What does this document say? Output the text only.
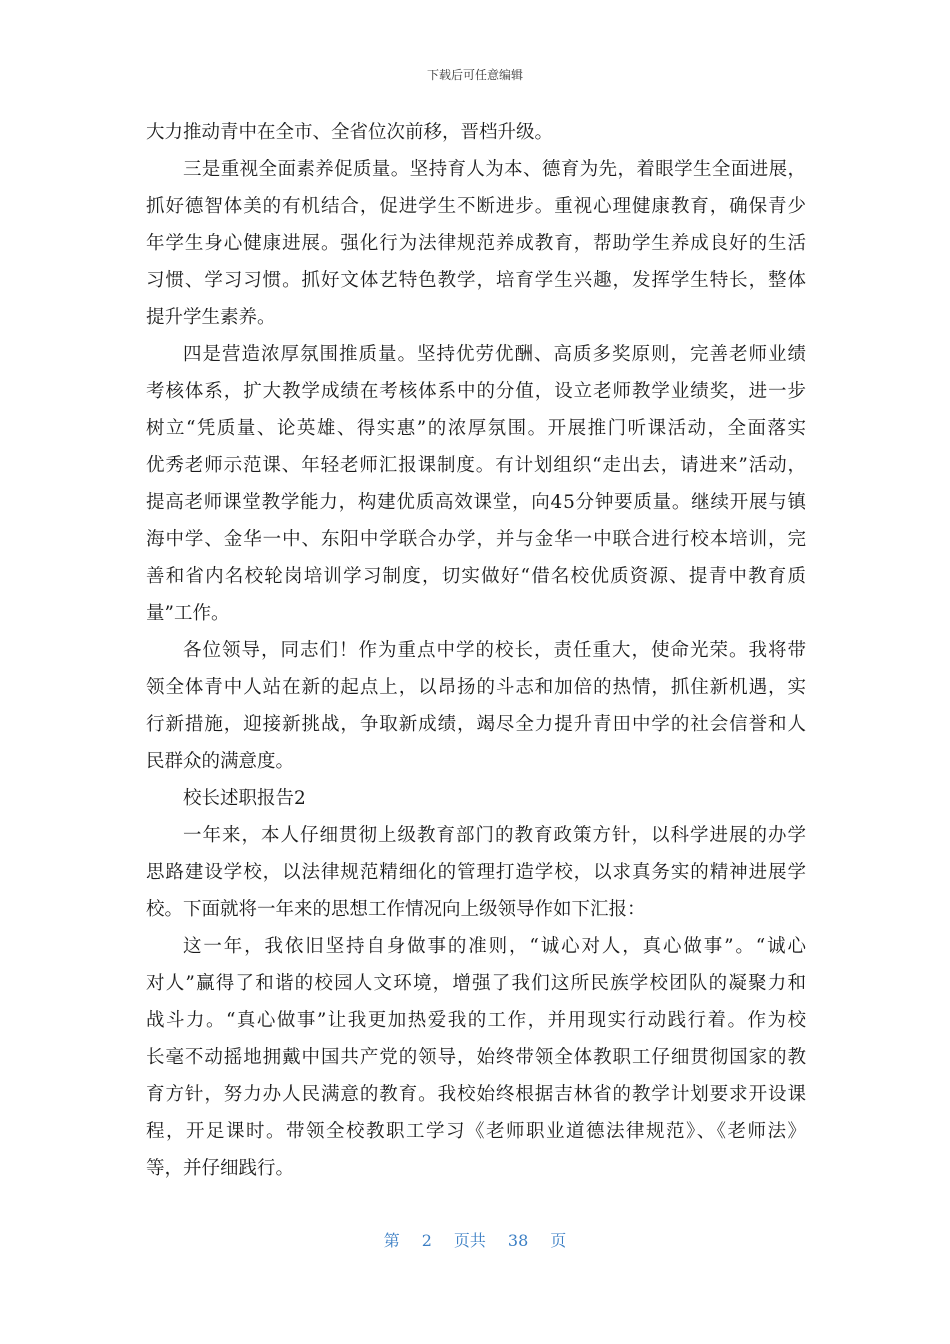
下载后可任意编辑
大力推动青中在全市、全省位次前移，晋档升级。
三是重视全面素养促质量。坚持育人为本、德育为先，着眼学生全面进展，
抓好德智体美的有机结合，促进学生不断进步。重视心理健康教育，确保青少
年学生身心健康进展。强化行为法律规范养成教育，帮助学生养成良好的生活
习惯、学习习惯。抓好文体艺特色教学，培育学生兴趣，发挥学生特长，整体
提升学生素养。
四是营造浓厚氛围推质量。坚持优劳优酬、高质多奖原则，完善老师业绩
考核体系，扩大教学成绩在考核体系中的分值，设立老师教学业绩奖，进一步
树立“凭质量、论英雄、得实惠”的浓厚氛围。开展推门听课活动，全面落实
优秀老师示范课、年轻老师汇报课制度。有计划组织“走出去，请进来”活动，
提高老师课堂教学能力，构建优质高效课堂，向45分钟要质量。继续开展与镇
海中学、金华一中、东阳中学联合办学，并与金华一中联合进行校本培训，完
善和省内名校轮岗培训学习制度，切实做好“借名校优质资源、提青中教育质
量”工作。
各位领导，同志们！作为重点中学的校长，责任重大，使命光荣。我将带
领全体青中人站在新的起点上，以昂扬的斗志和加倍的热情，抓住新机遇，实
行新措施，迎接新挑战，争取新成绩，竭尽全力提升青田中学的社会信誉和人
民群众的满意度。
校长述职报告2
一年来，本人仔细贯彻上级教育部门的教育政策方针，以科学进展的办学
思路建设学校，以法律规范精细化的管理打造学校，以求真务实的精神进展学
校。下面就将一年来的思想工作情况向上级领导作如下汇报：
这一年，我依旧坚持自身做事的准则，“诚心对人，真心做事”。“诚心
对人”赢得了和谐的校园人文环境，增强了我们这所民族学校团队的凝聚力和
战斗力。“真心做事”让我更加热爱我的工作，并用现实行动践行着。作为校
长毫不动摇地拥戴中国共产党的领导，始终带领全体教职工仔细贯彻国家的教
育方针，努力办人民满意的教育。我校始终根据吉林省的教学计划要求开设课
程，开足课时。带领全校教职工学习《老师职业道德法律规范》、《老师法》
等，并仔细践行。
第 2 页共 38 页
